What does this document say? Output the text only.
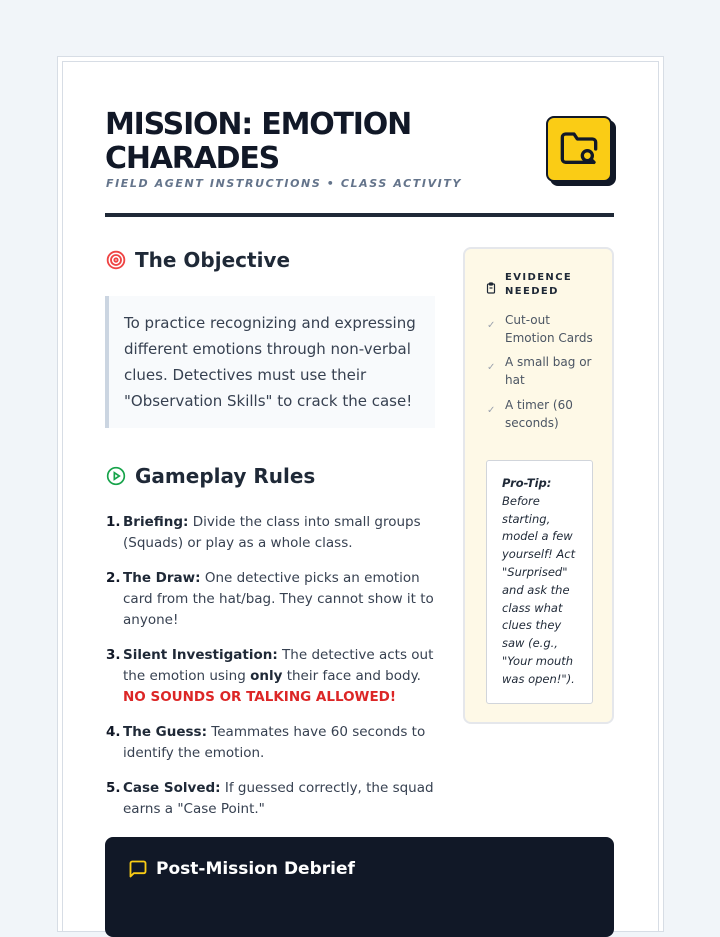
MISSION: EMOTION CHARADES
FIELD AGENT INSTRUCTIONS • CLASS ACTIVITY
The Objective
To practice recognizing and expressing different emotions through non-verbal clues. Detectives must use their "Observation Skills" to crack the case!
Gameplay Rules
1. Briefing: Divide the class into small groups (Squads) or play as a whole class.
2. The Draw: One detective picks an emotion card from the hat/bag. They cannot show it to anyone!
3. Silent Investigation: The detective acts out the emotion using only their face and body. NO SOUNDS OR TALKING ALLOWED!
4. The Guess: Teammates have 60 seconds to identify the emotion.
5. Case Solved: If guessed correctly, the squad earns a "Case Point."
EVIDENCE NEEDED
✓ Cut-out Emotion Cards
✓ A small bag or hat
✓ A timer (60 seconds)
Pro-Tip: Before starting, model a few yourself! Act "Surprised" and ask the class what clues they saw (e.g., "Your mouth was open!").
Post-Mission Debrief
